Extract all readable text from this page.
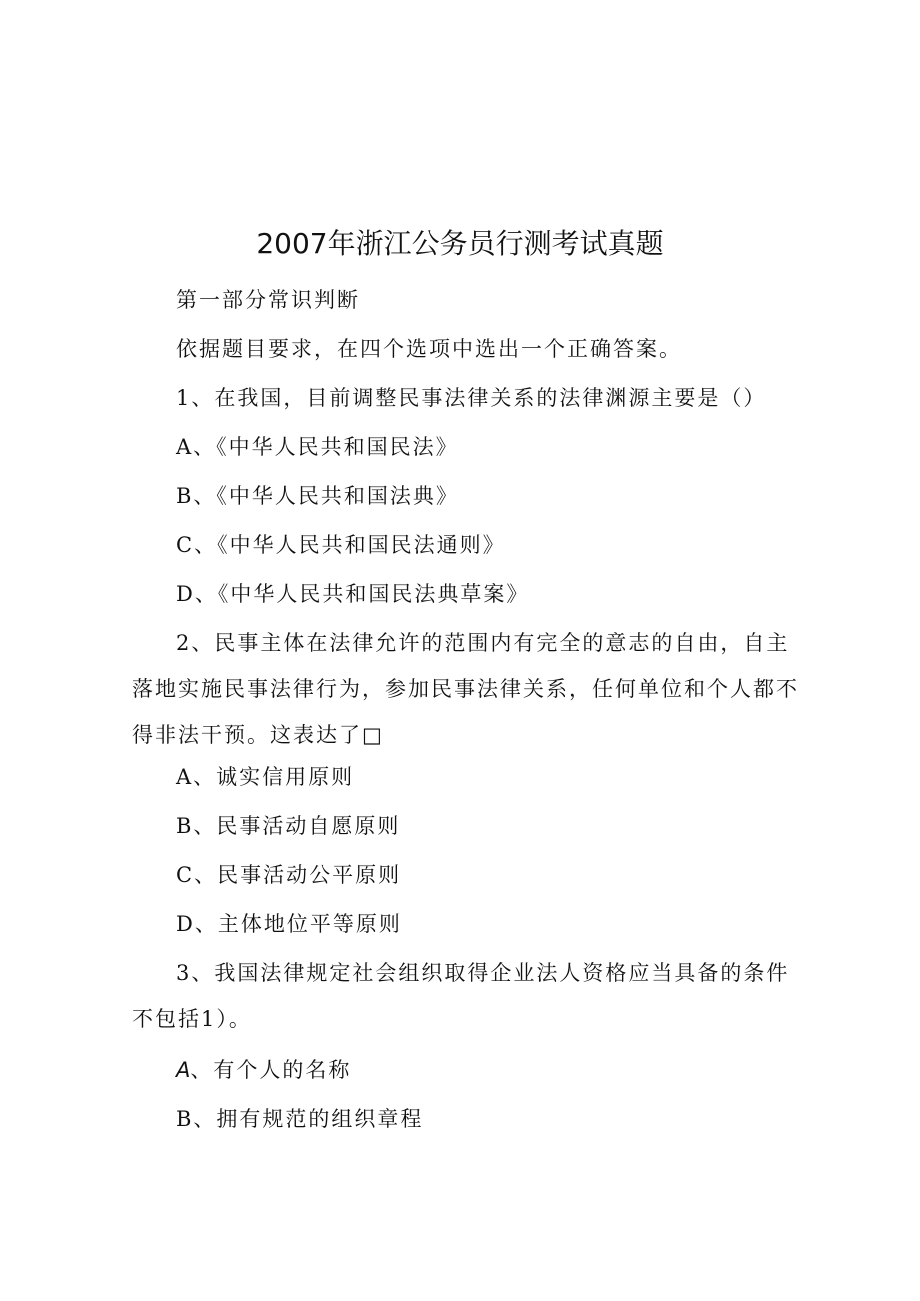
2007年浙江公务员行测考试真题

第一部分常识判断

依据题目要求，在四个选项中选出一个正确答案。

1、在我国，目前调整民事法律关系的法律渊源主要是（）

A、《中华人民共和国民法》

B、《中华人民共和国法典》

C、《中华人民共和国民法通则》

D、《中华人民共和国民法典草案》

2、民事主体在法律允许的范围内有完全的意志的自由，自主落地实施民事法律行为，参加民事法律关系，任何单位和个人都不得非法干预。这表达了□

A、诚实信用原则

B、民事活动自愿原则

C、民事活动公平原则

D、主体地位平等原则

3、我国法律规定社会组织取得企业法人资格应当具备的条件不包括1）。

A、有个人的名称

B、拥有规范的组织章程
